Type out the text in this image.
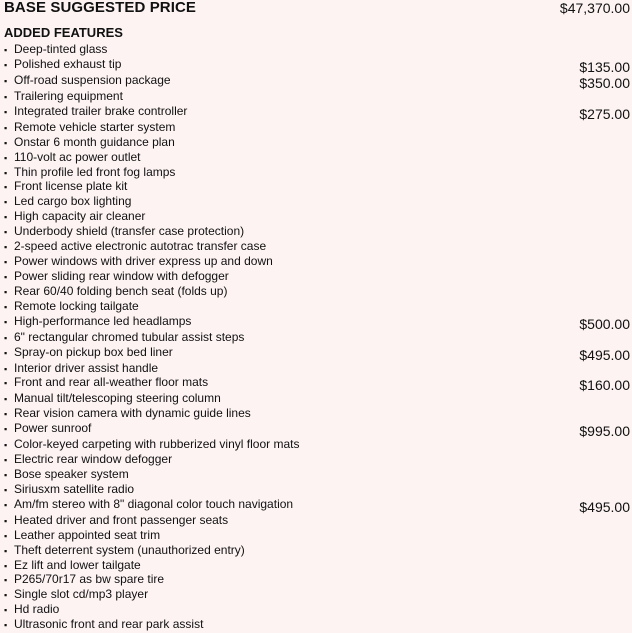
BASE SUGGESTED PRICE	$47,370.00
ADDED FEATURES
▪ Deep-tinted glass
▪ Polished exhaust tip	$135.00
▪ Off-road suspension package	$350.00
▪ Trailering equipment
▪ Integrated trailer brake controller	$275.00
▪ Remote vehicle starter system
▪ Onstar 6 month guidance plan
▪ 110-volt ac power outlet
▪ Thin profile led front fog lamps
▪ Front license plate kit
▪ Led cargo box lighting
▪ High capacity air cleaner
▪ Underbody shield (transfer case protection)
▪ 2-speed active electronic autotrac transfer case
▪ Power windows with driver express up and down
▪ Power sliding rear window with defogger
▪ Rear 60/40 folding bench seat (folds up)
▪ Remote locking tailgate
▪ High-performance led headlamps	$500.00
▪ 6" rectangular chromed tubular assist steps
▪ Spray-on pickup box bed liner	$495.00
▪ Interior driver assist handle
▪ Front and rear all-weather floor mats	$160.00
▪ Manual tilt/telescoping steering column
▪ Rear vision camera with dynamic guide lines
▪ Power sunroof	$995.00
▪ Color-keyed carpeting with rubberized vinyl floor mats
▪ Electric rear window defogger
▪ Bose speaker system
▪ Siriusxm satellite radio
▪ Am/fm stereo with 8" diagonal color touch navigation	$495.00
▪ Heated driver and front passenger seats
▪ Leather appointed seat trim
▪ Theft deterrent system (unauthorized entry)
▪ Ez lift and lower tailgate
▪ P265/70r17 as bw spare tire
▪ Single slot cd/mp3 player
▪ Hd radio
▪ Ultrasonic front and rear park assist
